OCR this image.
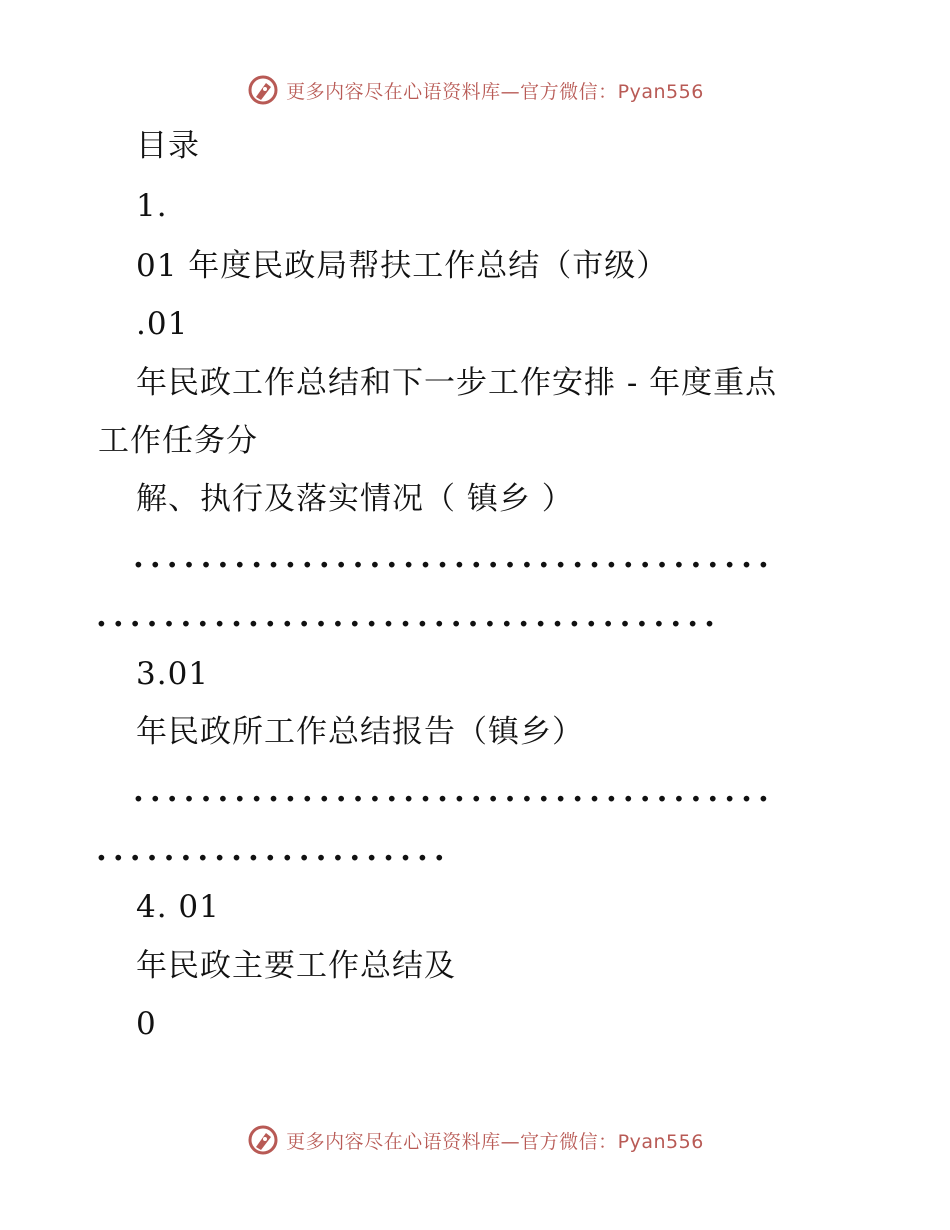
更多内容尽在心语资料库—官方微信：Pyan556
目录
1.
01 年度民政局帮扶工作总结（市级）
.01
年民政工作总结和下一步工作安排 - 年度重点
工作任务分
解、执行及落实情况（ 镇乡 ）
......................................
.....................................
3.01
年民政所工作总结报告（镇乡）
......................................
.....................
4. 01
年民政主要工作总结及
0
更多内容尽在心语资料库—官方微信：Pyan556
